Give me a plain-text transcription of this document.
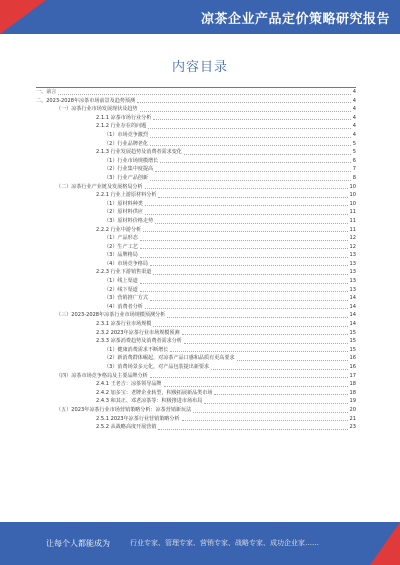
凉茶企业产品定价策略研究报告
内容目录
一、前言	4
二、2023-2028年凉茶市场前景及趋势预测	4
（一）凉茶行业市场发展现状及趋势	4
2.1.1 凉茶市场行业分析	4
2.1.2 行业存在的问题	4
（1）市场竞争激烈	4
（2）行业品牌老化	5
2.1.3 行业发展趋势及消费者需求变化	5
（1）行业市场规模增长	6
（2）行业集中度提高	7
（3）行业产品创新	8
（二）凉茶行业产业链及发展格局分析	10
2.2.1 行业上游原材料分析	10
（1）原材料种类	10
（2）原材料供应	11
（3）原材料价格走势	11
2.2.2 行业中游分析	11
（1）产品形态	12
（2）生产工艺	12
（3）品牌格局	13
（4）市场竞争格局	13
2.2.3 行业下游销售渠道	13
（1）线上渠道	13
（2）线下渠道	13
（3）营销推广方式	14
（4）消费者分析	14
（三）2023-2028年凉茶行业市场规模预测分析	14
2.3.1 凉茶行业市场规模	14
2.3.2 2023年凉茶行业市场规模预测	15
2.3.3 凉茶消费趋势及消费者需求分析	15
（1）健康消费需求不断增长	15
（2）新消费群体崛起，对凉茶产品口感和品质有更高要求	16
（3）消费场景多元化，对产品包装提出新要求	16
（四）凉茶市场竞争格局及主要品牌分析	17
2.4.1 王老吉：凉茶领导品牌	18
2.4.2 加多宝：老牌企业转型，积极拓展新品类市场	18
2.4.3 和其正、邓老凉茶等：积极推进市场布局	19
（五）2023年凉茶行业市场营销策略分析：凉茶营销新玩法	20
2.5.1 2023年凉茶行业营销策略分析	21
2.5.2 从战略高度开展营销	23
让每个人都能成为	行业专家、管理专家、营销专家、战略专家、成功企业家……
